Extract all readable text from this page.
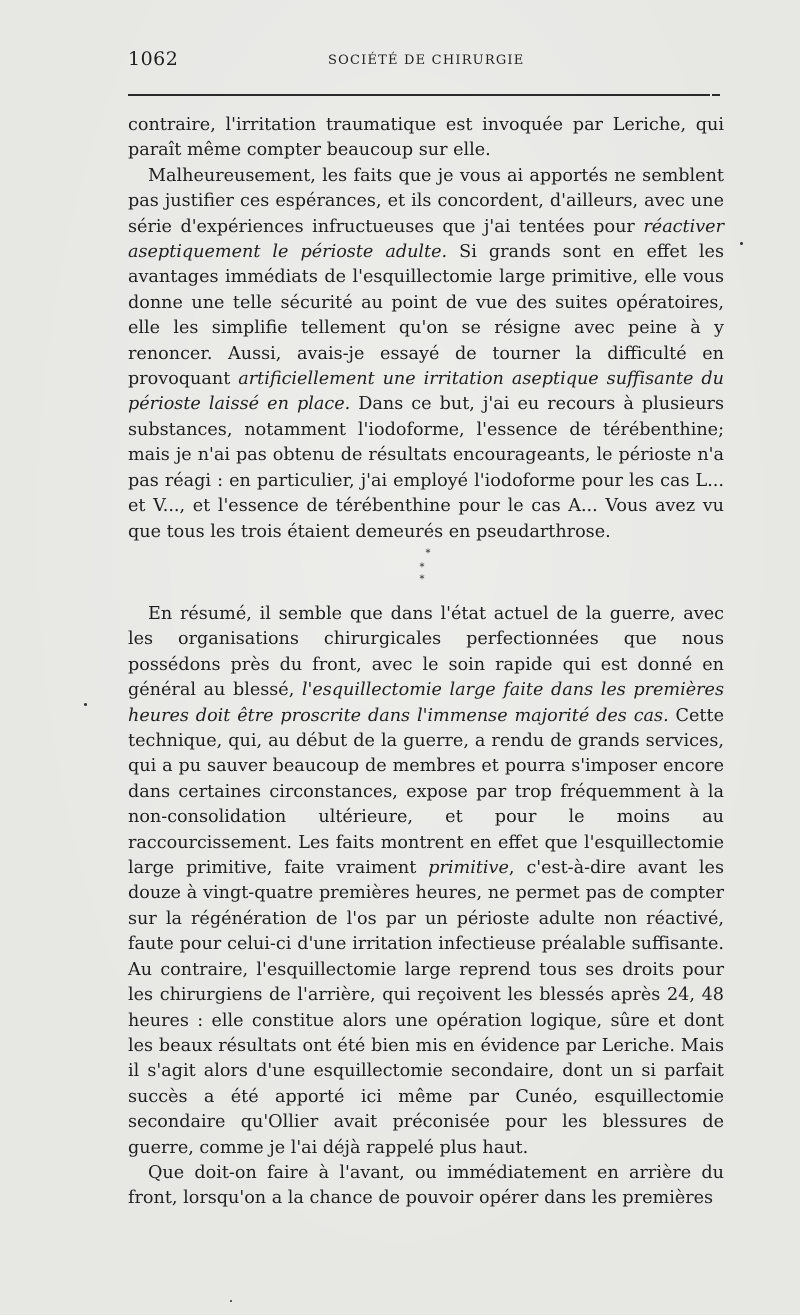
1062	SOCIÉTÉ DE CHIRURGIE

contraire, l'irritation traumatique est invoquée par Leriche, qui paraît même compter beaucoup sur elle.

Malheureusement, les faits que je vous ai apportés ne semblent pas justifier ces espérances, et ils concordent, d'ailleurs, avec une série d'expériences infructueuses que j'ai tentées pour réactiver aseptiquement le périoste adulte. Si grands sont en effet les avantages immédiats de l'esquillectomie large primitive, elle vous donne une telle sécurité au point de vue des suites opératoires, elle les simplifie tellement qu'on se résigne avec peine à y renoncer. Aussi, avais-je essayé de tourner la difficulté en provoquant artificiellement une irritation aseptique suffisante du périoste laissé en place. Dans ce but, j'ai eu recours à plusieurs substances, notamment l'iodoforme, l'essence de térébenthine; mais je n'ai pas obtenu de résultats encourageants, le périoste n'a pas réagi : en particulier, j'ai employé l'iodoforme pour les cas L... et V..., et l'essence de térébenthine pour le cas A... Vous avez vu que tous les trois étaient demeurés en pseudarthrose.

*
* *

En résumé, il semble que dans l'état actuel de la guerre, avec les organisations chirurgicales perfectionnées que nous possédons près du front, avec le soin rapide qui est donné en général au blessé, l'esquillectomie large faite dans les premières heures doit être proscrite dans l'immense majorité des cas. Cette technique, qui, au début de la guerre, a rendu de grands services, qui a pu sauver beaucoup de membres et pourra s'imposer encore dans certaines circonstances, expose par trop fréquemment à la non-consolidation ultérieure, et pour le moins au raccourcissement. Les faits montrent en effet que l'esquillectomie large primitive, faite vraiment primitive, c'est-à-dire avant les douze à vingt-quatre premières heures, ne permet pas de compter sur la régénération de l'os par un périoste adulte non réactivé, faute pour celui-ci d'une irritation infectieuse préalable suffisante. Au contraire, l'esquillectomie large reprend tous ses droits pour les chirurgiens de l'arrière, qui reçoivent les blessés après 24, 48 heures : elle constitue alors une opération logique, sûre et dont les beaux résultats ont été bien mis en évidence par Leriche. Mais il s'agit alors d'une esquillectomie secondaire, dont un si parfait succès a été apporté ici même par Cunéo, esquillectomie secondaire qu'Ollier avait préconisée pour les blessures de guerre, comme je l'ai déjà rappelé plus haut.

Que doit-on faire à l'avant, ou immédiatement en arrière du front, lorsqu'on a la chance de pouvoir opérer dans les premières
